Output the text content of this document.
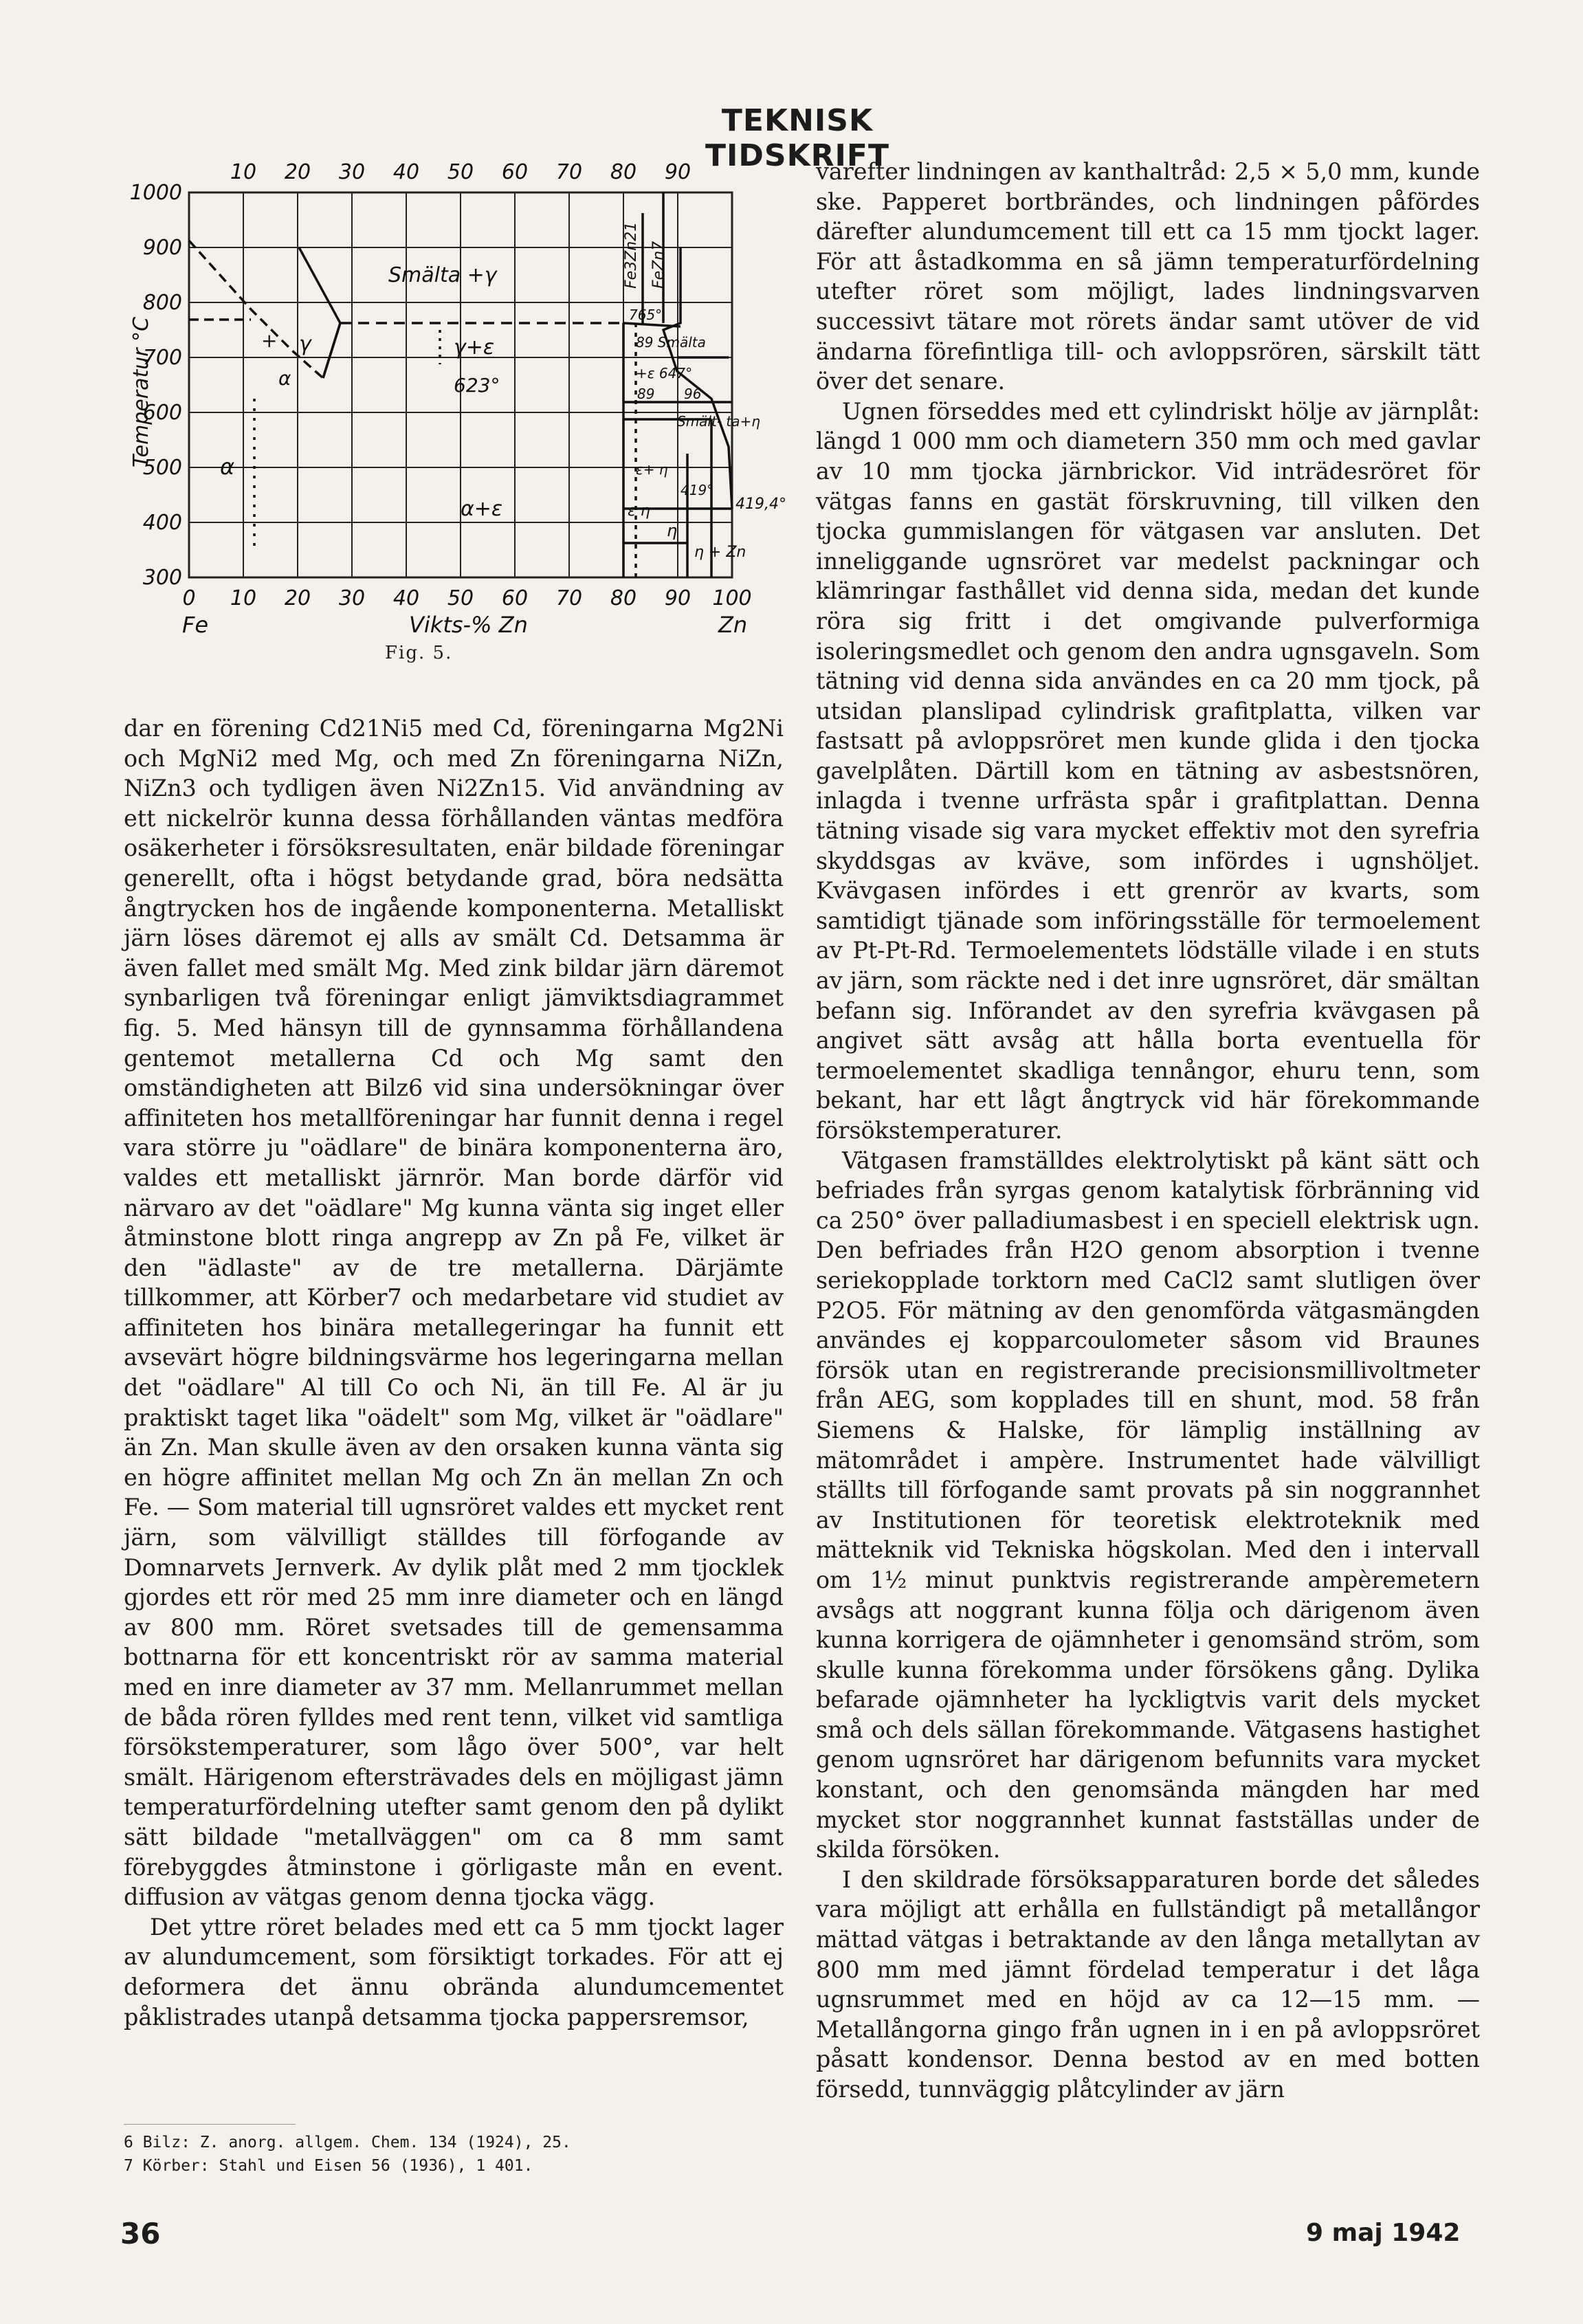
TEKNISK TIDSKRIFT
1000
900
800
700
600
500
400
300
Temperatur °C
10 20 30 40 50 60 70 80 90
0 10 20 30 40 50 60 70 80 90 100
Fe	Vikts-% Zn	Zn
Smälta +γ
γ
+
α
γ+ε
623°
α
α+ε
Fe3Zn21 FeZn7
765°
89 Smälta
+ε 647°
89 96
Smält- ta+η
ε+ η
ε η
419°
419,4°
η
η + Zn
Fig. 5.

dar en förening Cd21Ni5 med Cd, föreningarna Mg2Ni och MgNi2 med Mg, och med Zn föreningarna NiZn, NiZn3 och tydligen även Ni2Zn15. Vid användning av ett nickelrör kunna dessa förhållanden väntas medföra osäkerheter i försöksresultaten, enär bildade föreningar generellt, ofta i högst betydande grad, böra nedsätta ångtrycken hos de ingående komponenterna. Metalliskt järn löses däremot ej alls av smält Cd. Detsamma är även fallet med smält Mg. Med zink bildar järn däremot synbarligen två föreningar enligt jämviktsdiagrammet fig. 5. Med hänsyn till de gynnsamma förhållandena gentemot metallerna Cd och Mg samt den omständigheten att Bilz6 vid sina undersökningar över affiniteten hos metallföreningar har funnit denna i regel vara större ju "oädlare" de binära komponenterna äro, valdes ett metalliskt järnrör. Man borde därför vid närvaro av det "oädlare" Mg kunna vänta sig inget eller åtminstone blott ringa angrepp av Zn på Fe, vilket är den "ädlaste" av de tre metallerna. Därjämte tillkommer, att Körber7 och medarbetare vid studiet av affiniteten hos binära metallegeringar ha funnit ett avsevärt högre bildningsvärme hos legeringarna mellan det "oädlare" Al till Co och Ni, än till Fe. Al är ju praktiskt taget lika "oädelt" som Mg, vilket är "oädlare" än Zn. Man skulle även av den orsaken kunna vänta sig en högre affinitet mellan Mg och Zn än mellan Zn och Fe. — Som material till ugnsröret valdes ett mycket rent järn, som välvilligt ställdes till förfogande av Domnarvets Jernverk. Av dylik plåt med 2 mm tjocklek gjordes ett rör med 25 mm inre diameter och en längd av 800 mm. Röret svetsades till de gemensamma bottnarna för ett koncentriskt rör av samma material med en inre diameter av 37 mm. Mellanrummet mellan de båda rören fylldes med rent tenn, vilket vid samtliga försökstemperaturer, som lågo över 500°, var helt smält. Härigenom eftersträvades dels en möjligast jämn temperaturfördelning utefter samt genom den på dylikt sätt bildade "metallväggen" om ca 8 mm samt förebyggdes åtminstone i görligaste mån en event. diffusion av vätgas genom denna tjocka vägg.

Det yttre röret belades med ett ca 5 mm tjockt lager av alundumcement, som försiktigt torkades. För att ej deformera det ännu obrända alundumcementet påklistrades utanpå detsamma tjocka pappersremsor,

6 Bilz: Z. anorg. allgem. Chem. 134 (1924), 25.
7 Körber: Stahl und Eisen 56 (1936), 1 401.

varefter lindningen av kanthaltråd: 2,5 × 5,0 mm, kunde ske. Papperet bortbrändes, och lindningen påfördes därefter alundumcement till ett ca 15 mm tjockt lager. För att åstadkomma en så jämn temperaturfördelning utefter röret som möjligt, lades lindningsvarven successivt tätare mot rörets ändar samt utöver de vid ändarna förefintliga till- och avloppsrören, särskilt tätt över det senare.

Ugnen försеddes med ett cylindriskt hölje av järnplåt: längd 1 000 mm och diametern 350 mm och med gavlar av 10 mm tjocka järnbrickor. Vid inträdesröret för vätgas fanns en gastät förskruvning, till vilken den tjocka gummislangen för vätgasen var ansluten. Det inneliggande ugnsröret var medelst packningar och klämringar fasthållet vid denna sida, medan det kunde röra sig fritt i det omgivande pulverformiga isoleringsmedlet och genom den andra ugnsgaveln. Som tätning vid denna sida användes en ca 20 mm tjock, på utsidan planslipad cylindrisk grafitplatta, vilken var fastsatt på avloppsröret men kunde glida i den tjocka gavelplåten. Därtill kom en tätning av asbestsnören, inlagda i tvenne urfrästa spår i grafitplattan. Denna tätning visade sig vara mycket effektiv mot den syrefria skyddsgas av kväve, som infördes i ugnshöljet. Kvävgasen infördes i ett grenrör av kvarts, som samtidigt tjänade som införingsställe för termoelement av Pt-Pt-Rd. Termoelementets lödställe vilade i en stuts av järn, som räckte ned i det inre ugnsröret, där smältan befann sig. Införandet av den syrefria kvävgasen på angivet sätt avsåg att hålla borta eventuella för termoelementet skadliga tennångor, ehuru tenn, som bekant, har ett lågt ångtryck vid här förekommande försökstemperaturer.

Vätgasen framställdes elektrolytiskt på känt sätt och befriades från syrgas genom katalytisk förbränning vid ca 250° över palladiumasbest i en speciell elektrisk ugn. Den befriades från H2O genom absorption i tvenne seriekopplade torktorn med CaCl2 samt slutligen över P2O5. För mätning av den genomförda vätgasmängden användes ej kopparcoulometer såsom vid Braunes försök utan en registrerande precisionsmillivoltmeter från AEG, som kopplades till en shunt, mod. 58 från Siemens & Halske, för lämplig inställning av mätområdet i ampère. Instrumentet hade välvilligt ställts till förfogande samt provats på sin noggrannhet av Institutionen för teoretisk elektroteknik med mätteknik vid Tekniska högskolan. Med den i intervall om 1½ minut punktvis registrerande ampèremetern avsågs att noggrant kunna följa och därigenom även kunna korrigera de ojämnheter i genomsänd ström, som skulle kunna förekomma under försökens gång. Dylika befarade ojämnheter ha lyckligtvis varit dels mycket små och dels sällan förekommande. Vätgasens hastighet genom ugnsröret har därigenom befunnits vara mycket konstant, och den genomsända mängden har med mycket stor noggrannhet kunnat fastställas under de skilda försöken.

I den skildrade försöksapparaturen borde det således vara möjligt att erhålla en fullständigt på metallångor mättad vätgas i betraktande av den långa metallytan av 800 mm med jämnt fördelad temperatur i det låga ugnsrummet med en höjd av ca 12—15 mm. — Metallångorna gingo från ugnen in i en på avloppsröret påsatt kondensor. Denna bestod av en med botten försedd, tunnväggig plåtcylinder av järn

36	9 maj 1942
